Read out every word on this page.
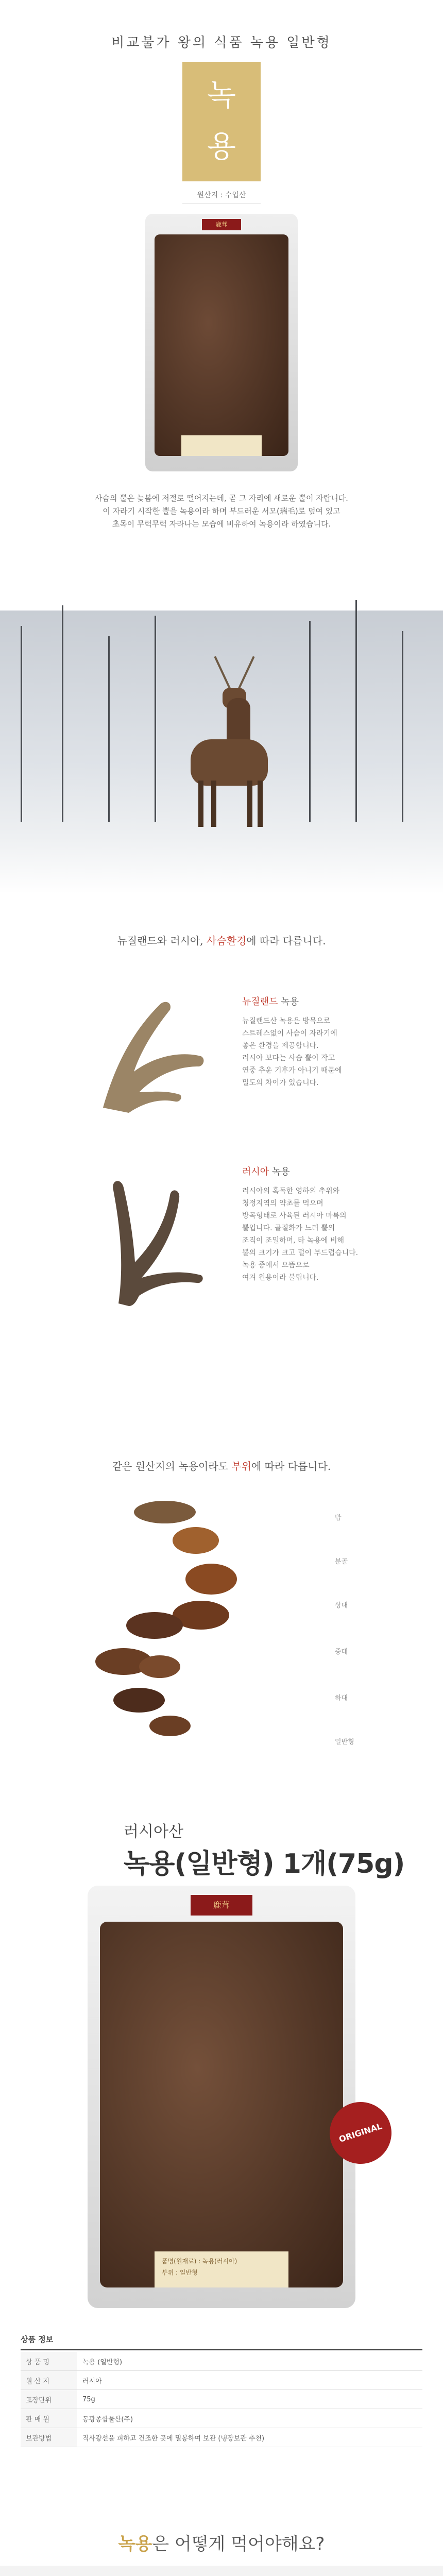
비교불가 왕의 식품 녹용 일반형
녹
용
원산지 : 수입산
鹿茸
사슴의 뿔은 늦봄에 저절로 떨어지는데, 곧 그 자리에 새로운 뿔이 자랍니다.
이 자라기 시작한 뿔을 녹용이라 하며 부드러운 서모(瑞毛)로 덮여 있고
초목이 무럭무럭 자라나는 모습에 비유하여 녹용이라 하였습니다.
뉴질랜드와 러시아, 사슴환경에 따라 다릅니다.
뉴질랜드 녹용
뉴질랜드산 녹용은 방목으로
스트레스없이 사슴이 자라기에
좋은 환경을 제공합니다.
러시아 보다는 사슴 뿔이 작고
연중 추운 기후가 아니기 때문에
밀도의 차이가 있습니다.
러시아 녹용
러시아의 혹독한 영하의 추위와
청정지역의 약초를 먹으며
방목형태로 사육된 러시아 마록의
뿔입니다. 골질화가 느려 뿔의
조직이 조밀하며, 타 녹용에 비해
뿔의 크기가 크고 털이 부드럽습니다.
녹용 중에서 으뜸으로
여겨 원용이라 불립니다.
같은 원산지의 녹용이라도 부위에 따라 다릅니다.
밥
분골
상대
중대
하대
일반형
러시아산
녹용(일반형) 1개(75g)
鹿茸
품명(원재료) : 녹용(러시아)
부위 : 일반형
ORIGINAL
상품 정보
상 품 명	녹용 (일반형)
원 산 지	러시아
포장단위	75g
판 매 원	동광종합물산(주)
보관방법	직사광선을 피하고 건조한 곳에 밀봉하여 보관 (냉장보관 추천)
녹용은 어떻게 먹어야해요?
